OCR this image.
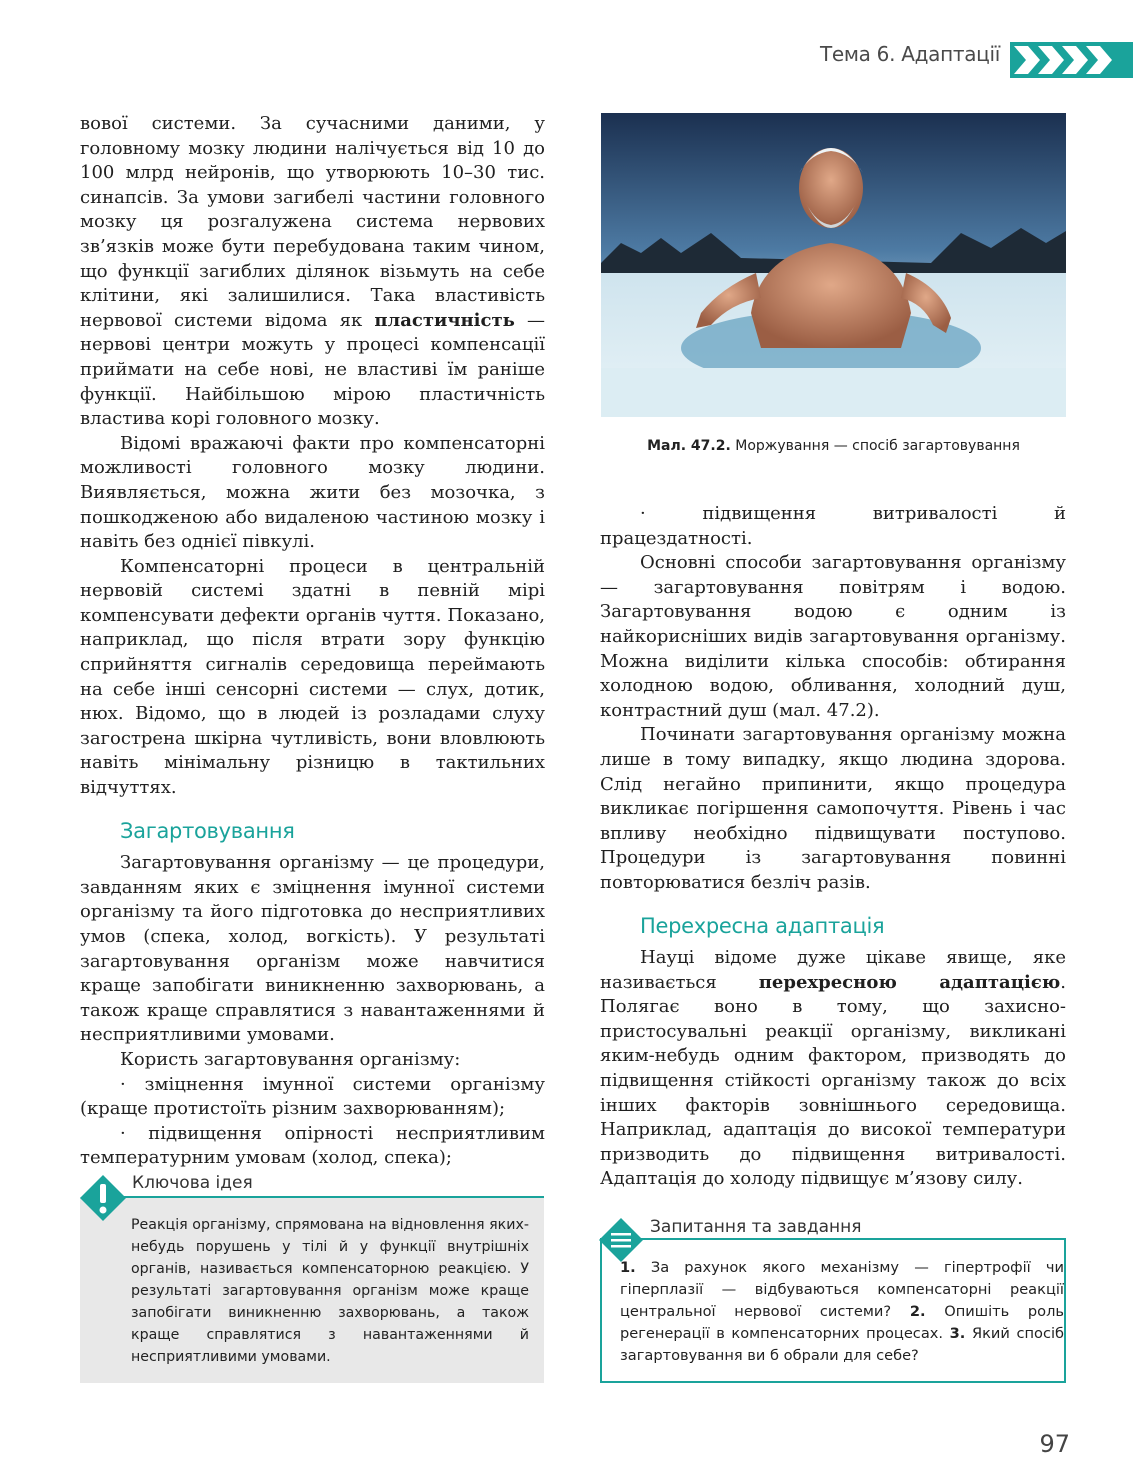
Тема 6. Адаптації

вової системи. За сучасними даними, у головному мозку людини налічується від 10 до 100 млрд нейронів, що утворюють 10–30 тис. синапсів. За умови загибелі частини головного мозку ця розгалужена система нервових зв’язків може бути перебудована таким чином, що функції загиблих ділянок візьмуть на себе клітини, які залишилися. Така властивість нервової системи відома як пластичність — нервові центри можуть у процесі компенсації приймати на себе нові, не властиві їм раніше функції. Найбільшою мірою пластичність властива корі головного мозку.

Відомі вражаючі факти про компенсаторні можливості головного мозку людини. Виявляється, можна жити без мозочка, з пошкодженою або видаленою частиною мозку і навіть без однієї півкулі.

Компенсаторні процеси в центральній нервовій системі здатні в певній мірі компенсувати дефекти органів чуття. Показано, наприклад, що після втрати зору функцію сприйняття сигналів середовища переймають на себе інші сенсорні системи — слух, дотик, нюх. Відомо, що в людей із розладами слуху загострена шкірна чутливість, вони вловлюють навіть мінімальну різницю в тактильних відчуттях.

Загартовування

Загартовування організму — це процедури, завданням яких є зміцнення імунної системи організму та його підготовка до несприятливих умов (спека, холод, вогкість). У результаті загартовування організм може навчитися краще запобігати виникненню захворювань, а також краще справлятися з навантаженнями й несприятливими умовами.

Користь загартовування організму:

· зміцнення імунної системи організму (краще протистоїть різним захворюванням);

· підвищення опірності несприятливим температурним умовам (холод, спека);

Мал. 47.2. Моржування — спосіб загартовування

·	підвищення витривалості й працездатності.

Основні способи загартовування організму — загартовування повітрям і водою. Загартовування водою є одним із найкорисніших видів загартовування організму. Можна виділити кілька способів: обтирання холодною водою, обливання, холодний душ, контрастний душ (мал. 47.2).

Починати загартовування організму можна лише в тому випадку, якщо людина здорова. Слід негайно припинити, якщо процедура викликає погіршення самопочуття. Рівень і час впливу необхідно підвищувати поступово. Процедури із загартовування повинні повторюватися безліч разів.

Перехресна адаптація

Науці відоме дуже цікаве явище, яке називається перехресною адаптацією. Полягає воно в тому, що захисно-пристосувальні реакції організму, викликані яким-небудь одним фактором, призводять до підвищення стійкості організму також до всіх інших факторів зовнішнього середовища. Наприклад, адаптація до високої температури призводить до підвищення витривалості. Адаптація до холоду підвищує м’язову силу.

Ключова ідея
Реакція організму, спрямована на відновлення яких-небудь порушень у тілі й у функції внутрішніх органів, називається компенсаторною реакцією. У результаті загартовування організм може краще запобігати виникненню захворювань, а також краще справлятися з навантаженнями й несприятливими умовами.
Запитання та завдання
1. За рахунок якого механізму — гіпертрофії чи гіперплазії — відбуваються компенсаторні реакції центральної нервової системи? 2. Опишіть роль регенерації в компенсаторних процесах. 3. Який спосіб загартовування ви б обрали для себе?
97
